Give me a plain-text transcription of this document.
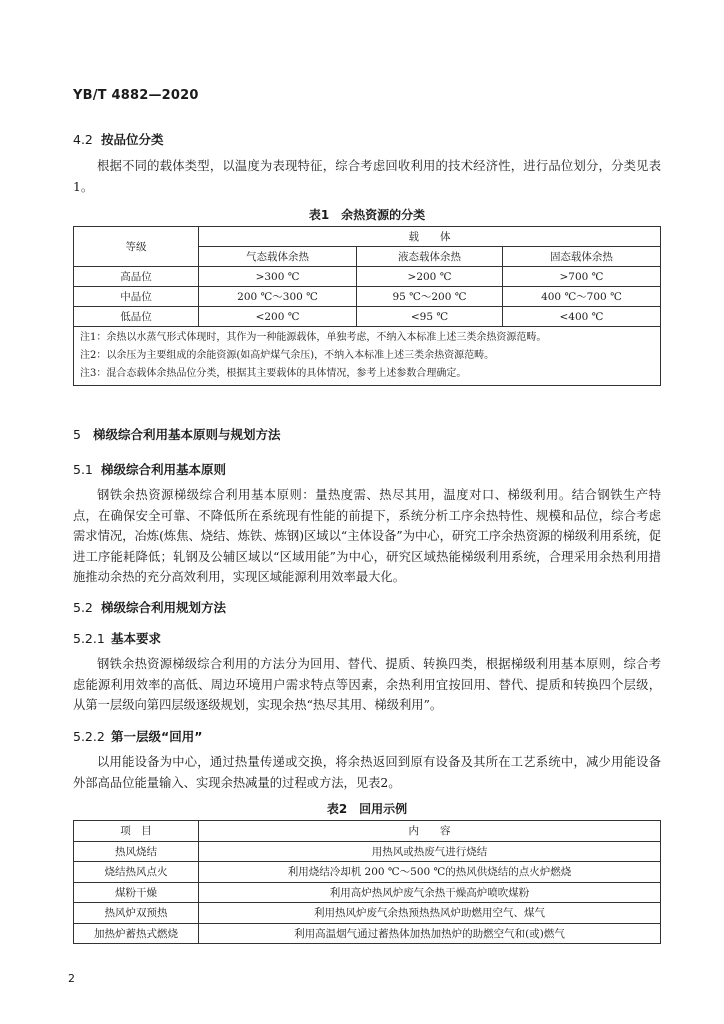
YB/T 4882—2020
4.2 按品位分类
根据不同的载体类型，以温度为表现特征，综合考虑回收利用的技术经济性，进行品位划分，分类见表1。
表1　余热资源的分类
等级	载　　体		
	气态载体余热	液态载体余热	固态载体余热
高品位	>300 ℃	>200 ℃	>700 ℃
中品位	200 ℃～300 ℃	95 ℃～200 ℃	400 ℃～700 ℃
低品位	<200 ℃	<95 ℃	<400 ℃

注1：余热以水蒸气形式体现时，其作为一种能源载体，单独考虑，不纳入本标准上述三类余热资源范畴。
注2：以余压为主要组成的余能资源(如高炉煤气余压)，不纳入本标准上述三类余热资源范畴。
注3：混合态载体余热品位分类，根据其主要载体的具体情况，参考上述参数合理确定。			
5 梯级综合利用基本原则与规划方法
5.1 梯级综合利用基本原则
钢铁余热资源梯级综合利用基本原则：量热度需、热尽其用，温度对口、梯级利用。结合钢铁生产特点，在确保安全可靠、不降低所在系统现有性能的前提下，系统分析工序余热特性、规模和品位，综合考虑需求情况，冶炼(炼焦、烧结、炼铁、炼钢)区域以“主体设备”为中心，研究工序余热资源的梯级利用系统，促进工序能耗降低；轧钢及公辅区域以“区域用能”为中心，研究区域热能梯级利用系统，合理采用余热利用措施推动余热的充分高效利用，实现区域能源利用效率最大化。
5.2 梯级综合利用规划方法
5.2.1 基本要求
钢铁余热资源梯级综合利用的方法分为回用、替代、提质、转换四类，根据梯级利用基本原则，综合考虑能源利用效率的高低、周边环境用户需求特点等因素，余热利用宜按回用、替代、提质和转换四个层级，从第一层级向第四层级逐级规划，实现余热“热尽其用、梯级利用”。
5.2.2 第一层级“回用”
以用能设备为中心，通过热量传递或交换，将余热返回到原有设备及其所在工艺系统中，减少用能设备外部高品位能量输入、实现余热减量的过程或方法，见表2。
表2　回用示例
项　目	内　　容
热风烧结	用热风或热废气进行烧结
烧结热风点火	利用烧结冷却机 200 ℃～500 ℃的热风供烧结的点火炉燃烧
煤粉干燥	利用高炉热风炉废气余热干燥高炉喷吹煤粉
热风炉双预热	利用热风炉废气余热预热热风炉助燃用空气、煤气
加热炉蓄热式燃烧	利用高温烟气通过蓄热体加热加热炉的助燃空气和(或)燃气
2
